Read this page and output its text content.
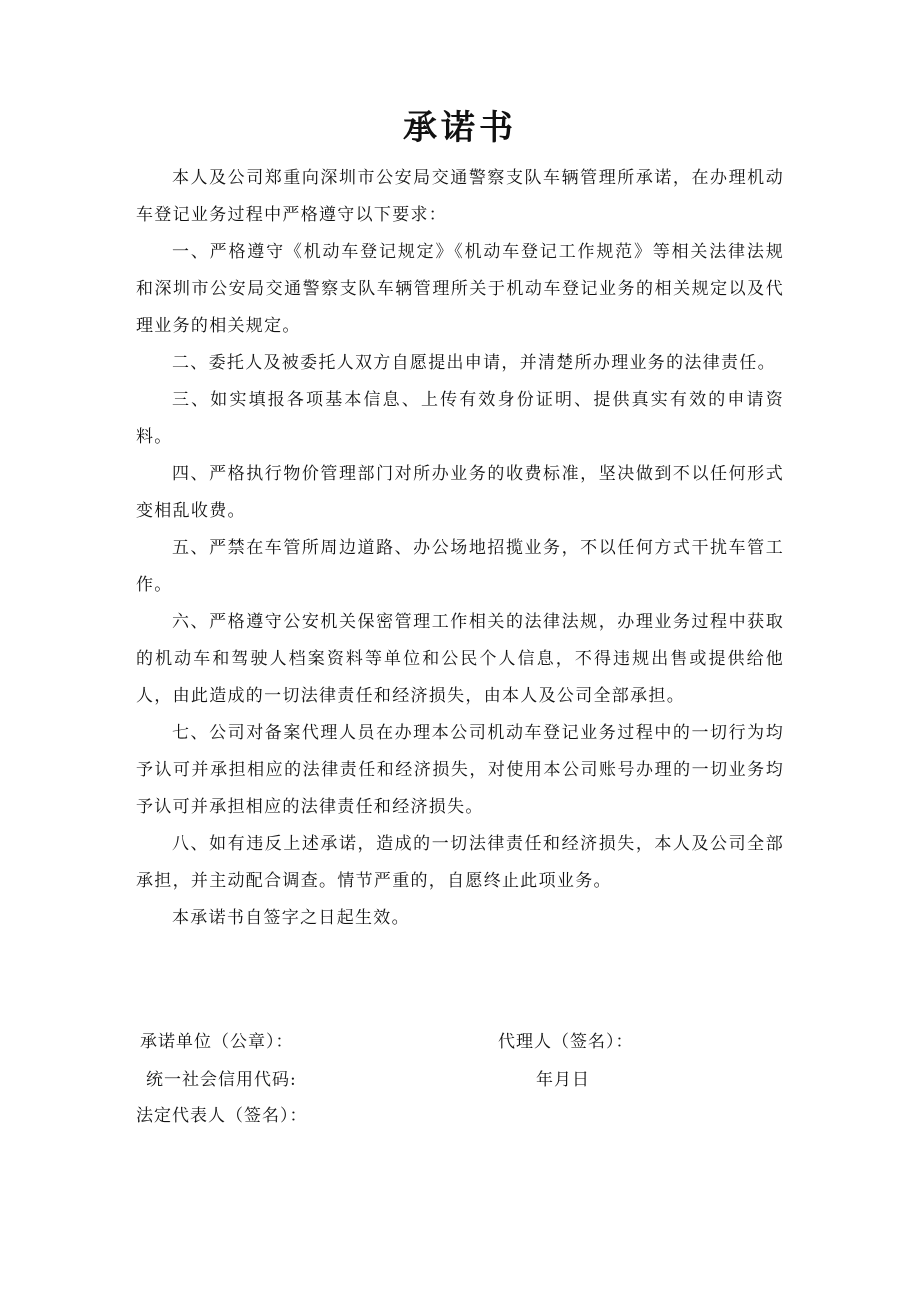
承诺书

本人及公司郑重向深圳市公安局交通警察支队车辆管理所承诺，在办理机动车登记业务过程中严格遵守以下要求：

一、严格遵守《机动车登记规定》《机动车登记工作规范》等相关法律法规和深圳市公安局交通警察支队车辆管理所关于机动车登记业务的相关规定以及代理业务的相关规定。

二、委托人及被委托人双方自愿提出申请，并清楚所办理业务的法律责任。

三、如实填报各项基本信息、上传有效身份证明、提供真实有效的申请资料。

四、严格执行物价管理部门对所办业务的收费标准，坚决做到不以任何形式变相乱收费。

五、严禁在车管所周边道路、办公场地招揽业务，不以任何方式干扰车管工作。

六、严格遵守公安机关保密管理工作相关的法律法规，办理业务过程中获取的机动车和驾驶人档案资料等单位和公民个人信息，不得违规出售或提供给他人，由此造成的一切法律责任和经济损失，由本人及公司全部承担。

七、公司对备案代理人员在办理本公司机动车登记业务过程中的一切行为均予认可并承担相应的法律责任和经济损失，对使用本公司账号办理的一切业务均予认可并承担相应的法律责任和经济损失。

八、如有违反上述承诺，造成的一切法律责任和经济损失，本人及公司全部承担，并主动配合调查。情节严重的，自愿终止此项业务。

本承诺书自签字之日起生效。

承诺单位（公章）：	代理人（签名）：
统一社会信用代码:	年月日
法定代表人（签名）：
